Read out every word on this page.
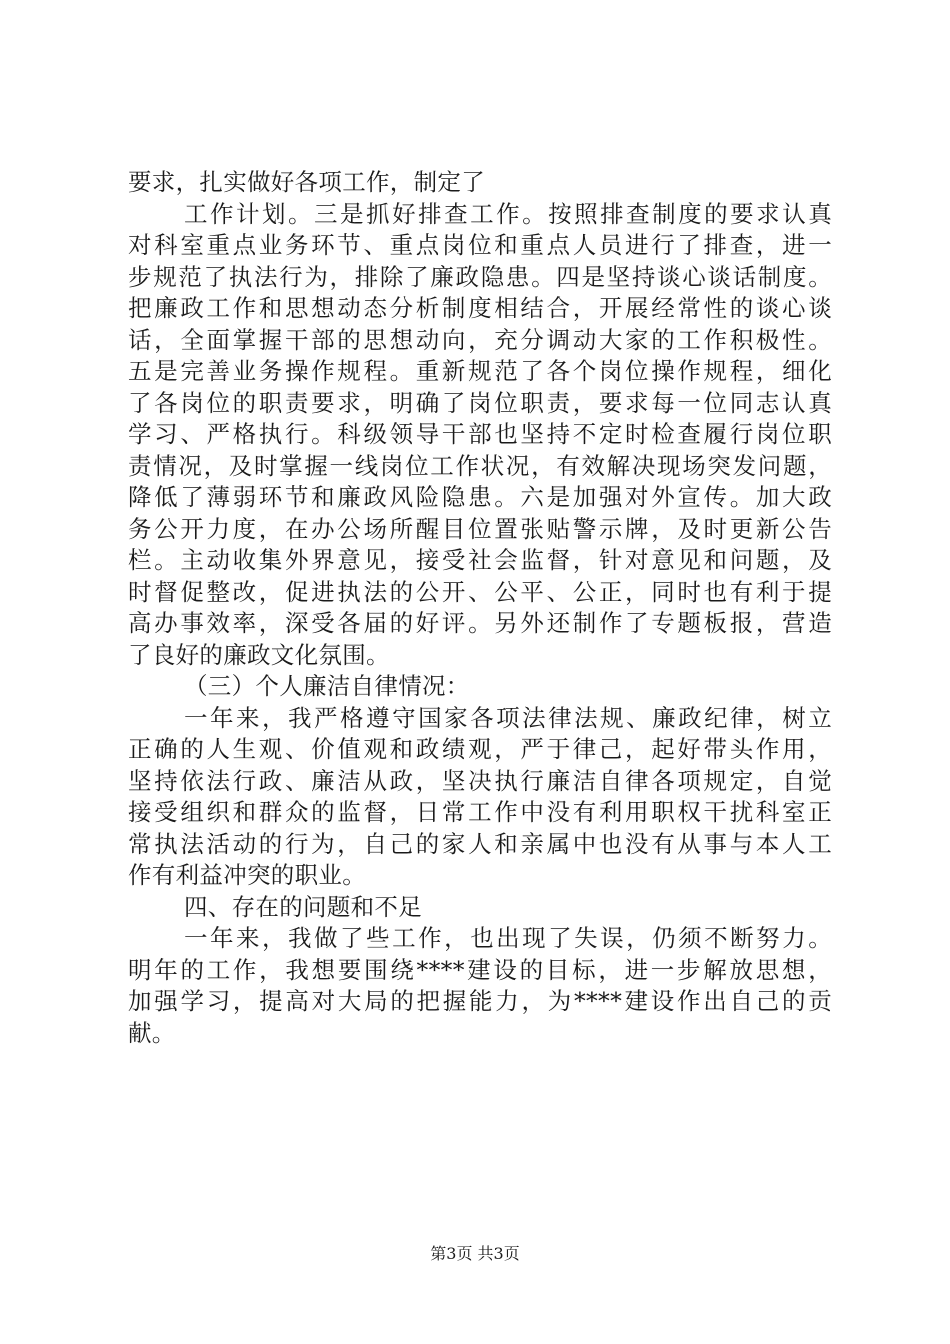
要求，扎实做好各项工作，制定了
工作计划。三是抓好排查工作。按照排查制度的要求认真
对科室重点业务环节、重点岗位和重点人员进行了排查，进一
步规范了执法行为，排除了廉政隐患。四是坚持谈心谈话制度。
把廉政工作和思想动态分析制度相结合，开展经常性的谈心谈
话，全面掌握干部的思想动向，充分调动大家的工作积极性。
五是完善业务操作规程。重新规范了各个岗位操作规程，细化
了各岗位的职责要求，明确了岗位职责，要求每一位同志认真
学习、严格执行。科级领导干部也坚持不定时检查履行岗位职
责情况，及时掌握一线岗位工作状况，有效解决现场突发问题，
降低了薄弱环节和廉政风险隐患。六是加强对外宣传。加大政
务公开力度，在办公场所醒目位置张贴警示牌，及时更新公告
栏。主动收集外界意见，接受社会监督，针对意见和问题，及
时督促整改，促进执法的公开、公平、公正，同时也有利于提
高办事效率，深受各届的好评。另外还制作了专题板报，营造
了良好的廉政文化氛围。
（三）个人廉洁自律情况：
一年来，我严格遵守国家各项法律法规、廉政纪律，树立
正确的人生观、价值观和政绩观，严于律己，起好带头作用，
坚持依法行政、廉洁从政，坚决执行廉洁自律各项规定，自觉
接受组织和群众的监督，日常工作中没有利用职权干扰科室正
常执法活动的行为，自己的家人和亲属中也没有从事与本人工
作有利益冲突的职业。
四、存在的问题和不足
一年来，我做了些工作，也出现了失误，仍须不断努力。
明年的工作，我想要围绕****建设的目标，进一步解放思想，
加强学习，提高对大局的把握能力，为****建设作出自己的贡
献。
第3页 共3页
